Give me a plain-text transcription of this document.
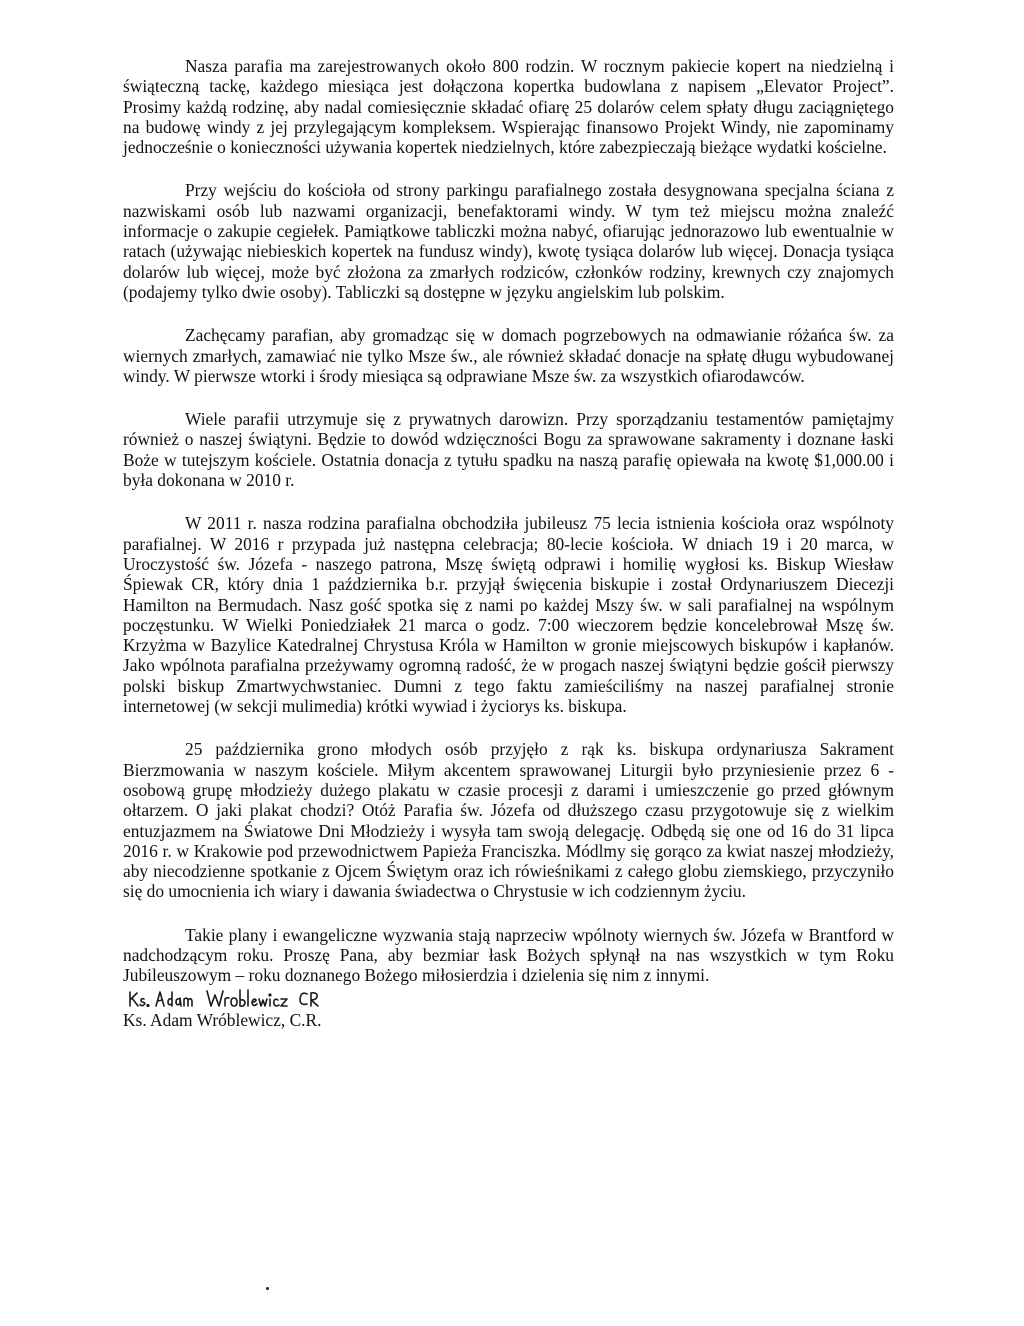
Nasza parafia ma zarejestrowanych około 800 rodzin. W rocznym pakiecie kopert na niedzielną i świąteczną tackę, każdego miesiąca jest dołączona kopertka budowlana z napisem „Elevator Project”. Prosimy każdą rodzinę, aby nadal comiesięcznie składać ofiarę 25 dolarów celem spłaty długu zaciągniętego na budowę windy z jej przylegającym kompleksem. Wspierając finansowo Projekt Windy, nie zapominamy jednocześnie o konieczności używania kopertek niedzielnych, które zabezpieczają bieżące wydatki kościelne.

Przy wejściu do kościoła od strony parkingu parafialnego została desygnowana specjalna ściana z nazwiskami osób lub nazwami organizacji, benefaktorami windy. W tym też miejscu można znaleźć informacje o zakupie cegiełek. Pamiątkowe tabliczki można nabyć, ofiarując jednorazowo lub ewentualnie w ratach (używając niebieskich kopertek na fundusz windy), kwotę tysiąca dolarów lub więcej. Donacja tysiąca dolarów lub więcej, może być złożona za zmarłych rodziców, członków rodziny, krewnych czy znajomych (podajemy tylko dwie osoby). Tabliczki są dostępne w języku angielskim lub polskim.

Zachęcamy parafian, aby gromadząc się w domach pogrzebowych na odmawianie różańca św. za wiernych zmarłych, zamawiać nie tylko Msze św., ale również składać donacje na spłatę długu wybudowanej windy. W pierwsze wtorki i środy miesiąca są odprawiane Msze św. za wszystkich ofiarodawców.

Wiele parafii utrzymuje się z prywatnych darowizn. Przy sporządzaniu testamentów pamiętajmy również o naszej świątyni. Będzie to dowód wdzięczności Bogu za sprawowane sakramenty i doznane łaski Boże w tutejszym kościele. Ostatnia donacja z tytułu spadku na naszą parafię opiewała na kwotę $1,000.00 i była dokonana w 2010 r.

W 2011 r. nasza rodzina parafialna obchodziła jubileusz 75 lecia istnienia kościoła oraz wspólnoty parafialnej. W 2016 r przypada już następna celebracja; 80-lecie kościoła. W dniach 19 i 20 marca, w Uroczystość św. Józefa - naszego patrona, Mszę świętą odprawi i homilię wygłosi ks. Biskup Wiesław Śpiewak CR, który dnia 1 października b.r. przyjął święcenia biskupie i został Ordynariuszem Diecezji Hamilton na Bermudach. Nasz gość spotka się z nami po każdej Mszy św. w sali parafialnej na wspólnym poczęstunku. W Wielki Poniedziałek 21 marca o godz. 7:00 wieczorem będzie koncelebrował Mszę św. Krzyżma w Bazylice Katedralnej Chrystusa Króla w Hamilton w gronie miejscowych biskupów i kapłanów. Jako wpólnota parafialna przeżywamy ogromną radość, że w progach naszej świątyni będzie gościł pierwszy polski biskup Zmartwychwstaniec. Dumni z tego faktu zamieściliśmy na naszej parafialnej stronie internetowej (w sekcji mulimedia) krótki wywiad i życiorys ks. biskupa.

25 października grono młodych osób przyjęło z rąk ks. biskupa ordynariusza Sakrament Bierzmowania w naszym kościele. Miłym akcentem sprawowanej Liturgii było przyniesienie przez 6 - osobową grupę młodzieży dużego plakatu w czasie procesji z darami i umieszczenie go przed głównym ołtarzem. O jaki plakat chodzi? Otóż Parafia św. Józefa od dłuższego czasu przygotowuje się z wielkim entuzjazmem na Światowe Dni Młodzieży i wysyła tam swoją delegację. Odbędą się one od 16 do 31 lipca 2016 r. w Krakowie pod przewodnictwem Papieża Franciszka. Módlmy się gorąco za kwiat naszej młodzieży, aby niecodzienne spotkanie z Ojcem Świętym oraz ich rówieśnikami z całego globu ziemskiego, przyczyniło się do umocnienia ich wiary i dawania świadectwa o Chrystusie w ich codziennym życiu.

Takie plany i ewangeliczne wyzwania stają naprzeciw wpólnoty wiernych św. Józefa w Brantford w nadchodzącym roku. Proszę Pana, aby bezmiar łask Bożych spłynął na nas wszystkich w tym Roku Jubileuszowym – roku doznanego Bożego miłosierdzia i dzielenia się nim z innymi.

Ks. Adam Wróblewicz, C.R.
